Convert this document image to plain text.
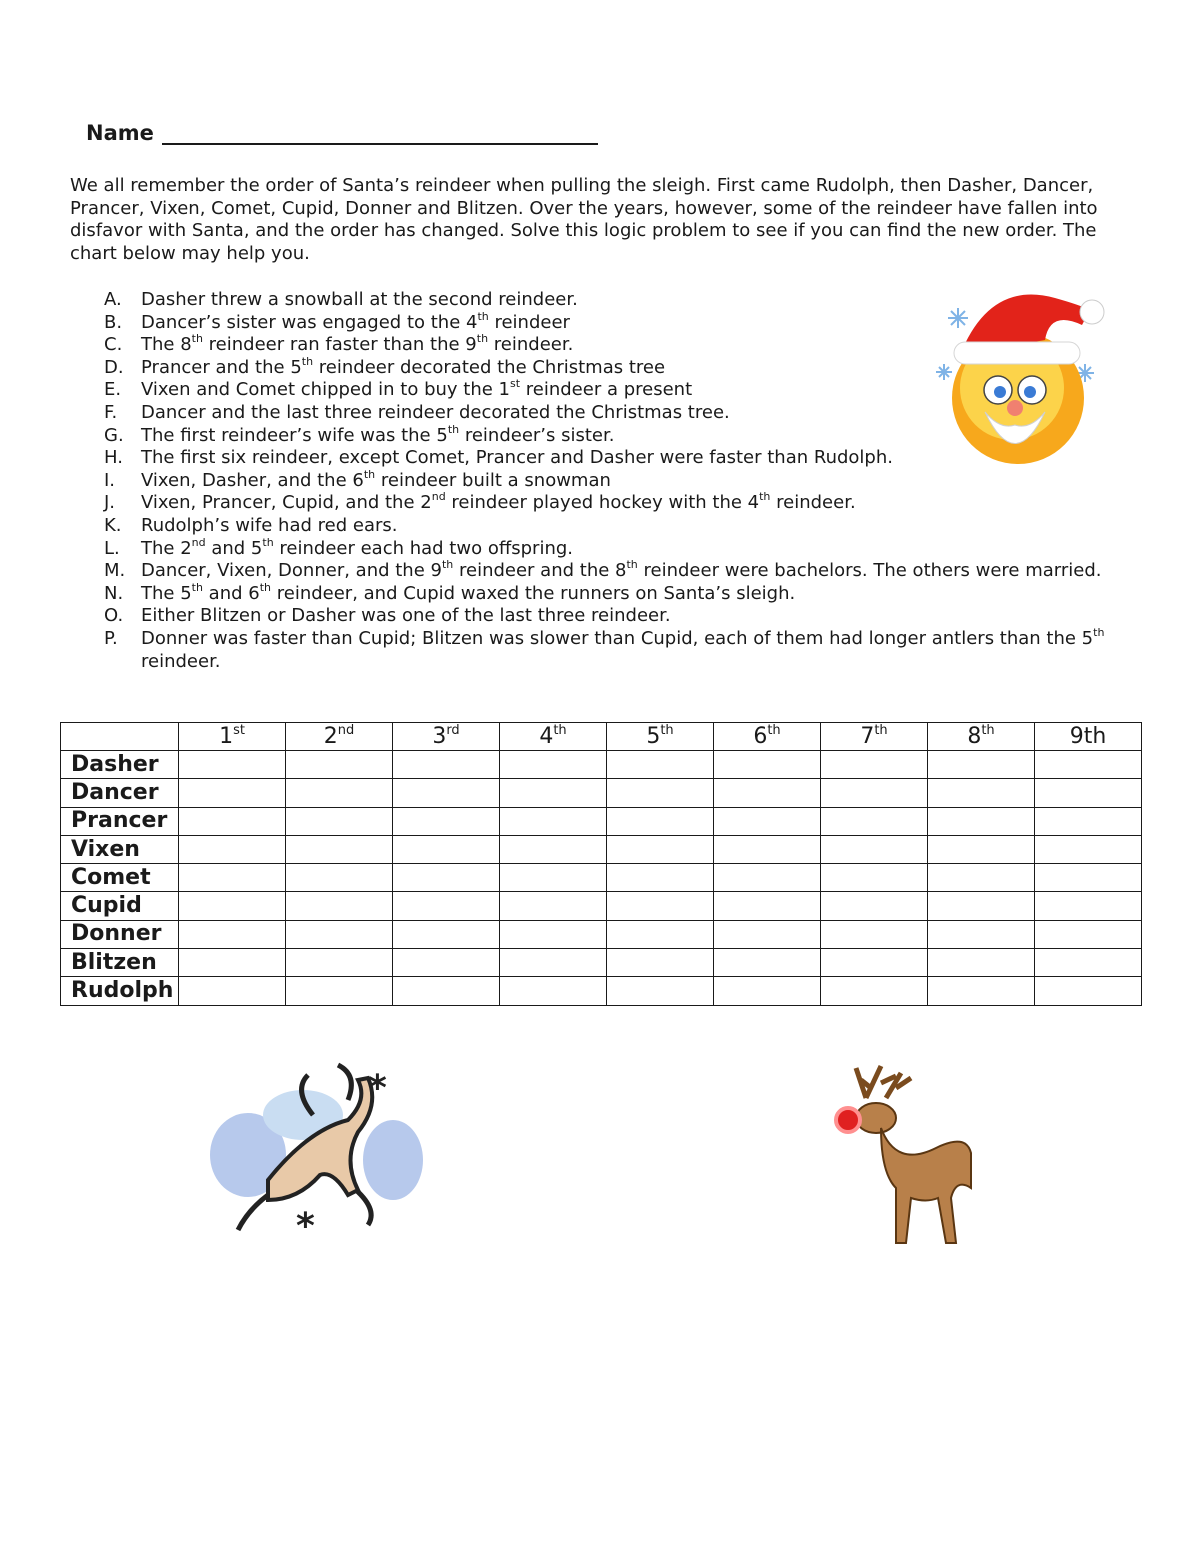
Name

We all remember the order of Santa’s reindeer when pulling the sleigh. First came Rudolph, then Dasher, Dancer, Prancer, Vixen, Comet, Cupid, Donner and Blitzen. Over the years, however, some of the reindeer have fallen into disfavor with Santa, and the order has changed. Solve this logic problem to see if you can find the new order. The chart below may help you.

A.	Dasher threw a snowball at the second reindeer.
B.	Dancer’s sister was engaged to the 4th reindeer
C.	The 8th reindeer ran faster than the 9th reindeer.
D. Prancer and the 5th reindeer decorated the Christmas tree
E.	Vixen and Comet chipped in to buy the 1st reindeer a present
F.	Dancer and the last three reindeer decorated the Christmas tree.
G. The first reindeer’s wife was the 5th reindeer’s sister.
H.	The first six reindeer, except Comet, Prancer and Dasher were faster than Rudolph.
I.	Vixen, Dasher, and the 6th reindeer built a snowman
J.	Vixen, Prancer, Cupid, and the 2nd reindeer played hockey with the 4th reindeer.
K.	Rudolph’s wife had red ears.
L.	The 2nd and 5th reindeer each had two offspring.
M. Dancer, Vixen, Donner, and the 9th reindeer and the 8th reindeer were bachelors. The others were married.
N. The 5th and 6th reindeer, and Cupid waxed the runners on Santa’s sleigh.
O. Either Blitzen or Dasher was one of the last three reindeer.
P.	Donner was faster than Cupid; Blitzen was slower than Cupid, each of them had longer antlers than the 5th reindeer.
	1st	2nd	3rd	4th	5th	6th	7th	8th	9th
Dasher									
Dancer									
Prancer									
Vixen									
Comet									
Cupid									
Donner									
Blitzen									
Rudolph									
*
*
